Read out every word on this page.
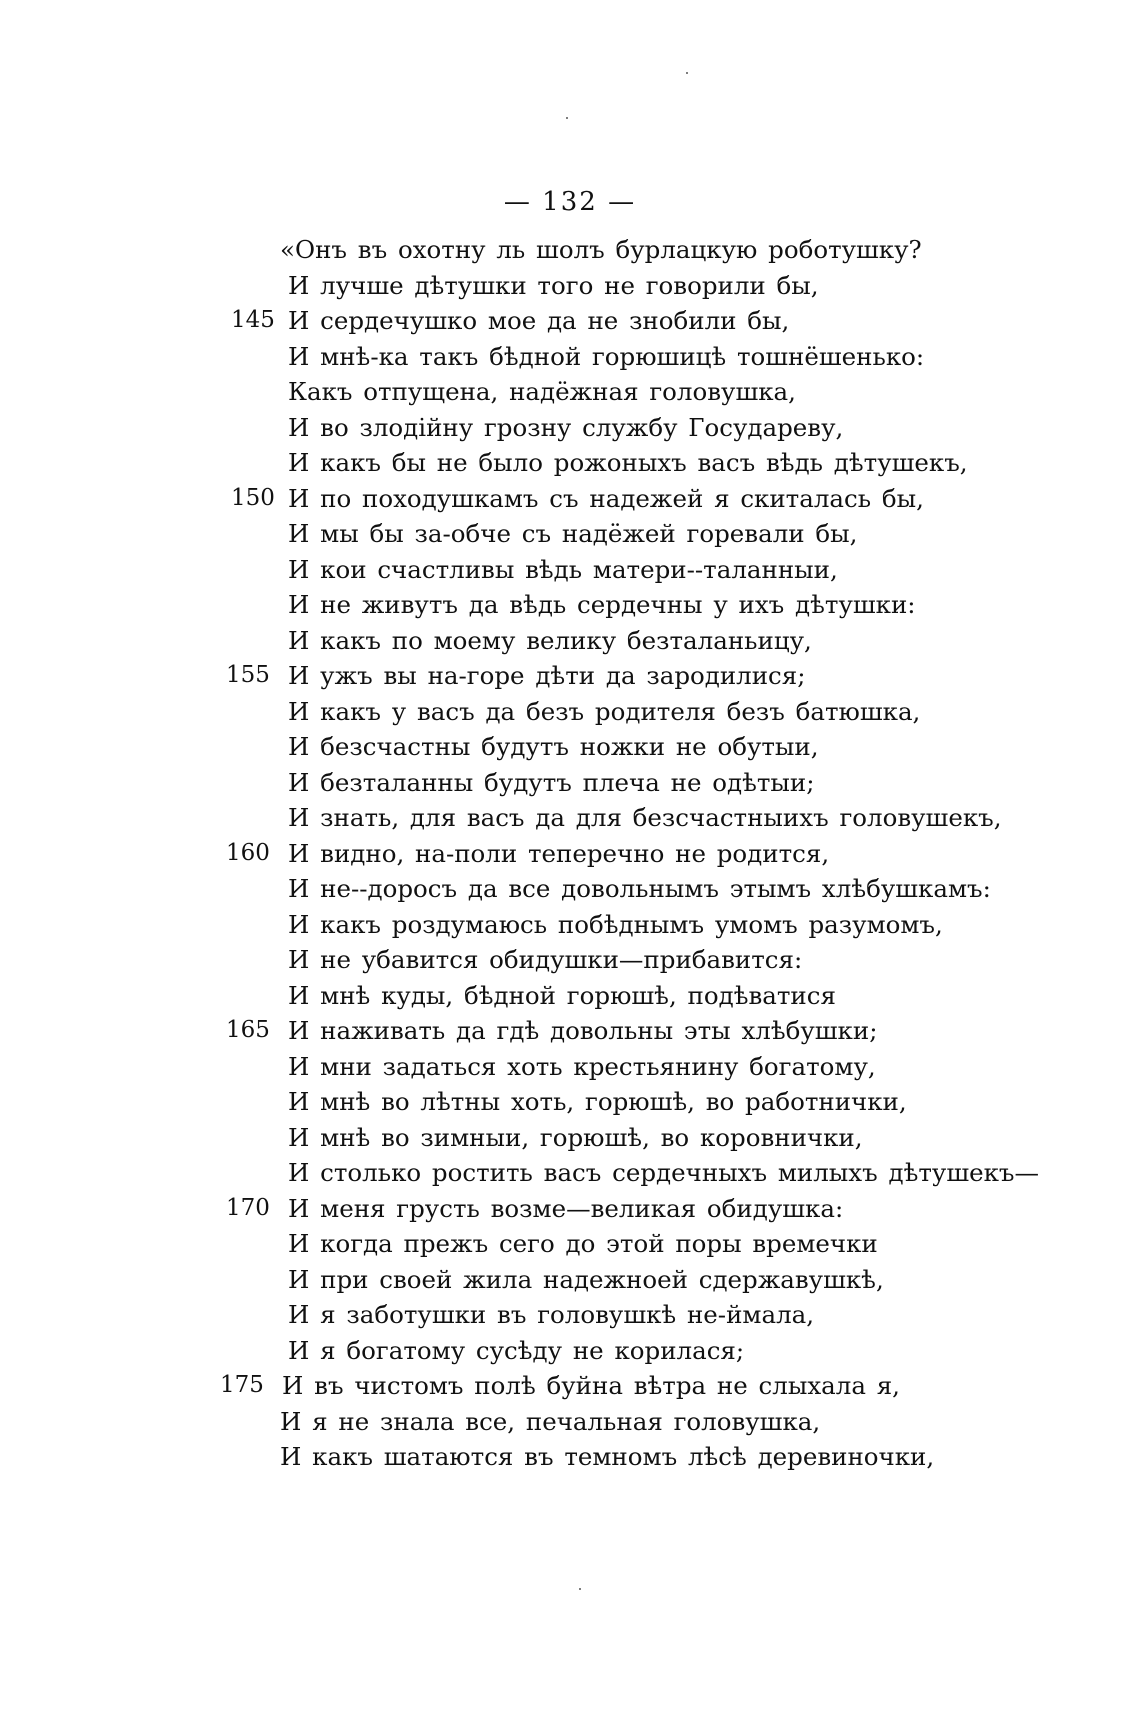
— 132 —
«Онъ въ охотну ль шолъ бурлацкую роботушку?
И лучше дѣтушки того не говорили бы,
145 И сердечушко мое да не знобили бы,
И мнѣ-ка такъ бѣдной горюшицѣ тошнёшенько:
Какъ отпущена, надёжная головушка,
И во злодійну грозну службу Государеву,
И какъ бы не было рожоныхъ васъ вѣдь дѣтушекъ,
150 И по походушкамъ съ надежей я скиталась бы,
И мы бы за-обче съ надёжей горевали бы,
И кои счастливы вѣдь матери--таланныи,
И не живутъ да вѣдь сердечны у ихъ дѣтушки:
И какъ по моему велику безталаньицу,
155 И ужъ вы на-горе дѣти да зародилися;
И какъ у васъ да безъ родителя безъ батюшка,
И безсчастны будутъ ножки не обутыи,
И безталанны будутъ плеча не одѣтыи;
И знать, для васъ да для безсчастныихъ головушекъ,
160 И видно, на-поли теперечно не родится,
И не--доросъ да все довольнымъ этымъ хлѣбушкамъ:
И какъ роздумаюсь побѣднымъ умомъ разумомъ,
И не убавится обидушки—прибавится:
И мнѣ куды, бѣдной горюшѣ, подѣватися
165 И наживать да гдѣ довольны эты хлѣбушки;
И мни задаться хоть крестьянину богатому,
И мнѣ во лѣтны хоть, горюшѣ, во работнички,
И мнѣ во зимныи, горюшѣ, во коровнички,
И столько ростить васъ сердечныхъ милыхъ дѣтушекъ—
170 И меня грусть возме—великая обидушка:
И когда прежъ сего до этой поры времечки
И при своей жила надежноей сдержавушкѣ,
И я заботушки въ головушкѣ не-ймала,
И я богатому сусѣду не корилася;
175 И въ чистомъ полѣ буйна вѣтра не слыхала я,
И я не знала все, печальная головушка,
И какъ шатаются въ темномъ лѣсѣ деревиночки,
